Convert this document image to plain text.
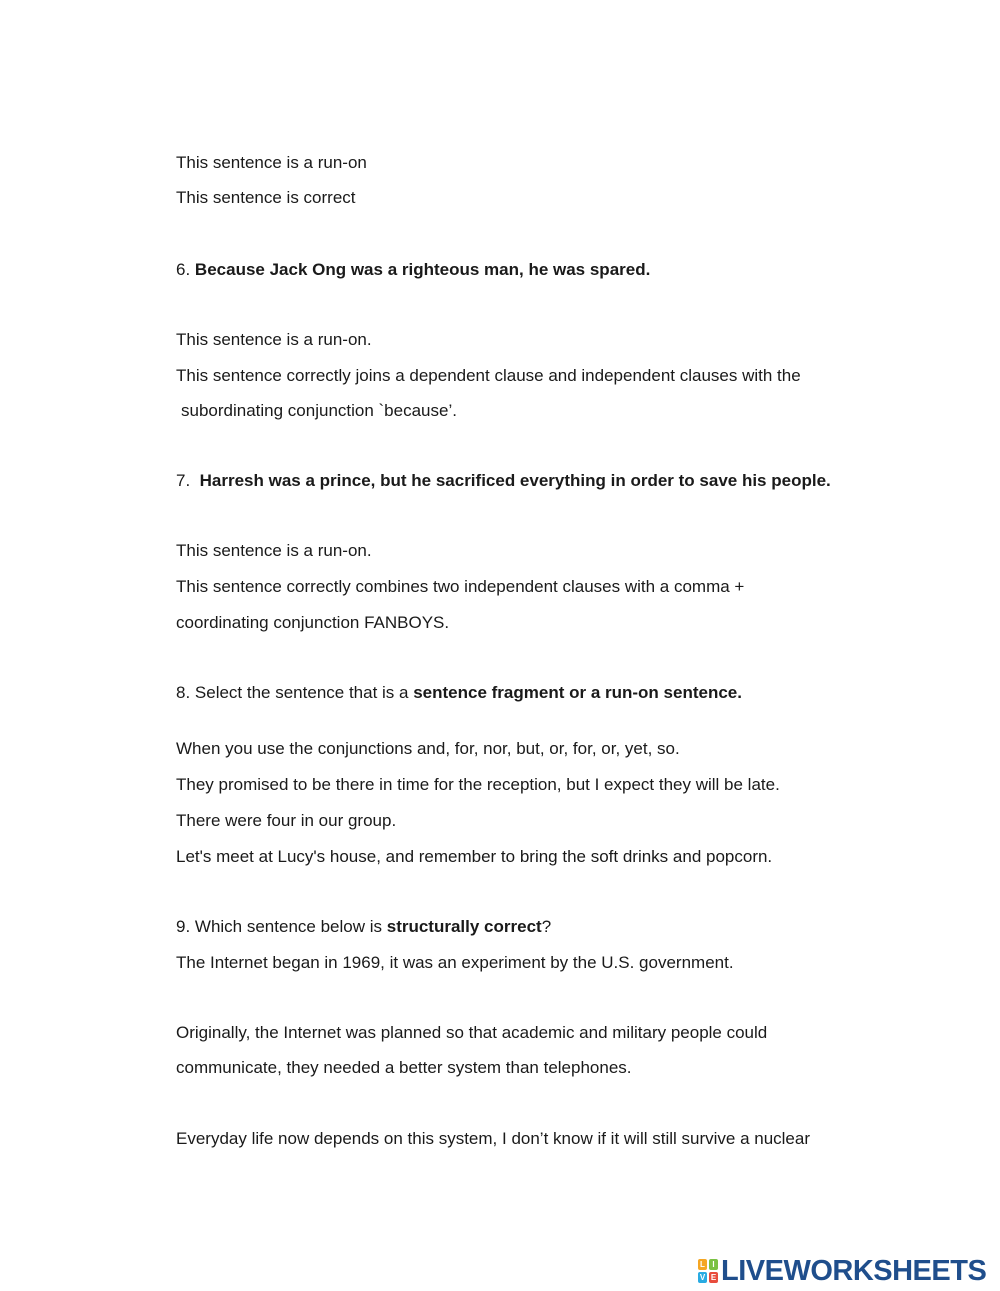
This sentence is a run-on
This sentence is correct
6. Because Jack Ong was a righteous man, he was spared.
This sentence is a run-on.
This sentence correctly joins a dependent clause and independent clauses with the
subordinating conjunction `because’.
7. Harresh was a prince, but he sacrificed everything in order to save his people.
This sentence is a run-on.
This sentence correctly combines two independent clauses with a comma +
coordinating conjunction FANBOYS.
8. Select the sentence that is a sentence fragment or a run-on sentence.
When you use the conjunctions and, for, nor, but, or, for, or, yet, so.
They promised to be there in time for the reception, but I expect they will be late.
There were four in our group.
Let's meet at Lucy's house, and remember to bring the soft drinks and popcorn.
9. Which sentence below is structurally correct?
The Internet began in 1969, it was an experiment by the U.S. government.
Originally, the Internet was planned so that academic and military people could
communicate, they needed a better system than telephones.
Everyday life now depends on this system, I don’t know if it will still survive a nuclear
L I
V E LIVEWORKSHEETS
